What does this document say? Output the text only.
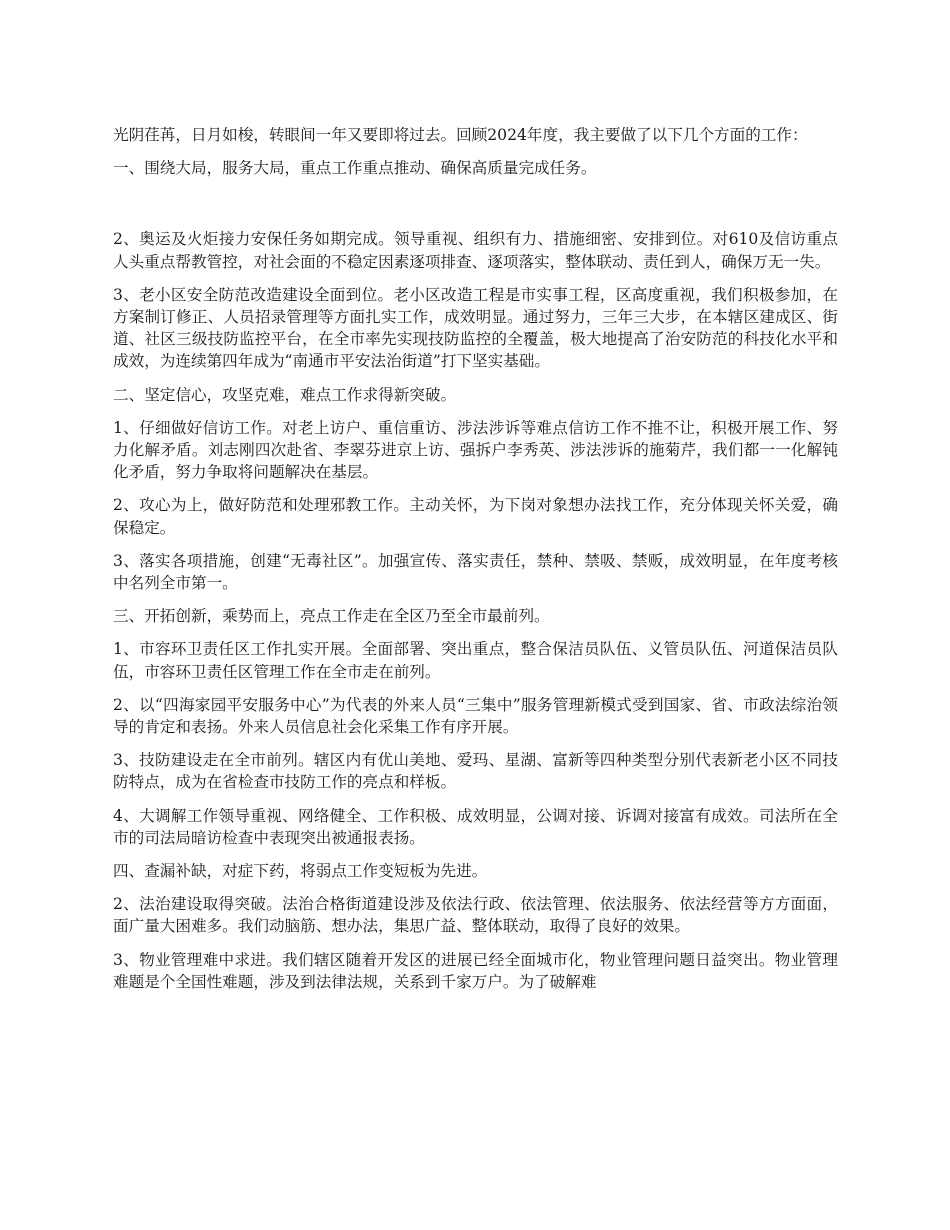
光阴荏苒，日月如梭，转眼间一年又要即将过去。回顾2024年度，我主要做了以下几个方面的工作：

一、围绕大局，服务大局，重点工作重点推动、确保高质量完成任务。

2、奥运及火炬接力安保任务如期完成。领导重视、组织有力、措施细密、安排到位。对610及信访重点人头重点帮教管控，对社会面的不稳定因素逐项排查、逐项落实，整体联动、责任到人，确保万无一失。

3、老小区安全防范改造建设全面到位。老小区改造工程是市实事工程，区高度重视，我们积极参加，在方案制订修正、人员招录管理等方面扎实工作，成效明显。通过努力，三年三大步，在本辖区建成区、街道、社区三级技防监控平台，在全市率先实现技防监控的全覆盖，极大地提高了治安防范的科技化水平和成效，为连续第四年成为“南通市平安法治街道”打下坚实基础。

二、坚定信心，攻坚克难，难点工作求得新突破。

1、仔细做好信访工作。对老上访户、重信重访、涉法涉诉等难点信访工作不推不让，积极开展工作、努力化解矛盾。刘志刚四次赴省、李翠芬进京上访、强拆户李秀英、涉法涉诉的施菊芹，我们都一一化解钝化矛盾，努力争取将问题解决在基层。

2、攻心为上，做好防范和处理邪教工作。主动关怀，为下岗对象想办法找工作，充分体现关怀关爱，确保稳定。

3、落实各项措施，创建“无毒社区”。加强宣传、落实责任，禁种、禁吸、禁贩，成效明显，在年度考核中名列全市第一。

三、开拓创新，乘势而上，亮点工作走在全区乃至全市最前列。

1、市容环卫责任区工作扎实开展。全面部署、突出重点，整合保洁员队伍、义管员队伍、河道保洁员队伍，市容环卫责任区管理工作在全市走在前列。

2、以“四海家园平安服务中心”为代表的外来人员“三集中”服务管理新模式受到国家、省、市政法综治领导的肯定和表扬。外来人员信息社会化采集工作有序开展。

3、技防建设走在全市前列。辖区内有优山美地、爱玛、星湖、富新等四种类型分别代表新老小区不同技防特点，成为在省检查市技防工作的亮点和样板。

4、大调解工作领导重视、网络健全、工作积极、成效明显，公调对接、诉调对接富有成效。司法所在全市的司法局暗访检查中表现突出被通报表扬。

四、查漏补缺，对症下药，将弱点工作变短板为先进。

2、法治建设取得突破。法治合格街道建设涉及依法行政、依法管理、依法服务、依法经营等方方面面，面广量大困难多。我们动脑筋、想办法，集思广益、整体联动，取得了良好的效果。

3、物业管理难中求进。我们辖区随着开发区的进展已经全面城市化，物业管理问题日益突出。物业管理难题是个全国性难题，涉及到法律法规，关系到千家万户。为了破解难
